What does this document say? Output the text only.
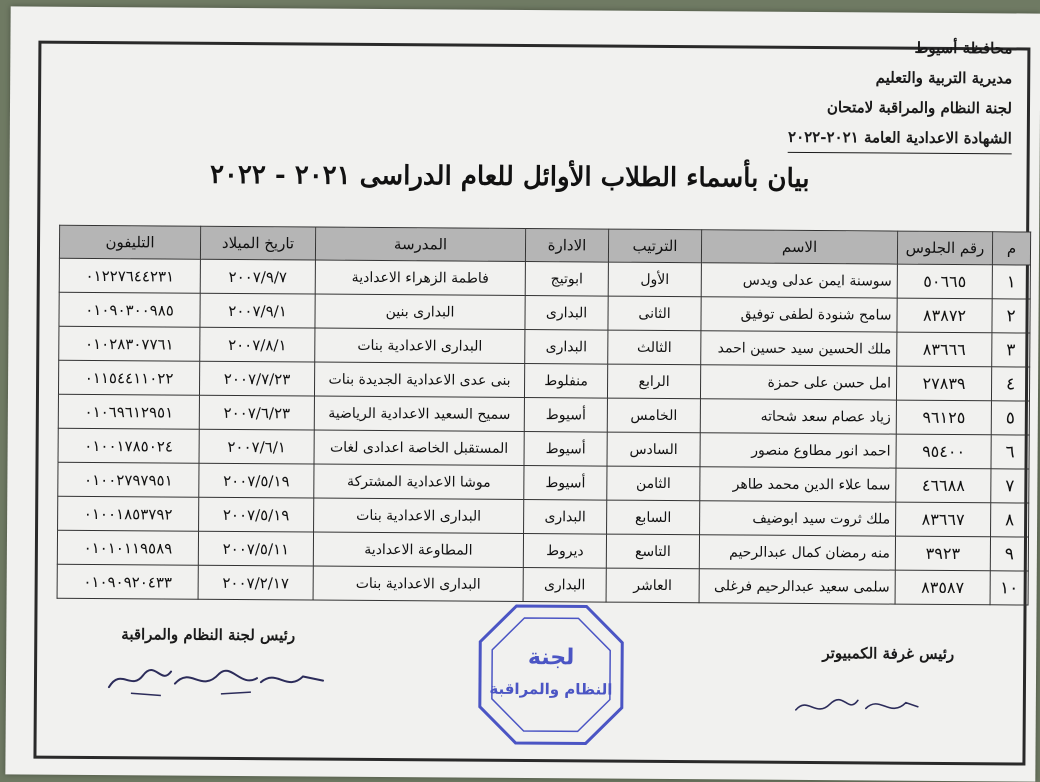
محافظة أسيوط
مديرية التربية والتعليم
لجنة النظام والمراقبة لامتحان
الشهادة الاعدادية العامة ٢٠٢١-٢٠٢٢
بيان بأسماء الطلاب الأوائل للعام الدراسى ٢٠٢١ - ٢٠٢٢
م	رقم الجلوس	الاسم	الترتيب	الادارة	المدرسة	تاريخ الميلاد	التليفون
١	٥٠٦٦٥	سوسنة ايمن عدلى ويدس	الأول	ابوتيج	فاطمة الزهراء الاعدادية	٢٠٠٧/٩/٧	٠١٢٢٧٦٤٤٢٣١
٢	٨٣٨٧٢	سامح شنودة لطفى توفيق	الثانى	البدارى	البدارى بنين	٢٠٠٧/٩/١	٠١٠٩٠٣٠٠٩٨٥
٣	٨٣٦٦٦	ملك الحسين سيد حسين احمد	الثالث	البدارى	البدارى الاعدادية بنات	٢٠٠٧/٨/١	٠١٠٢٨٣٠٧٧٦١
٤	٢٧٨٣٩	امل حسن على حمزة	الرابع	منفلوط	بنى عدى الاعدادية الجديدة بنات	٢٠٠٧/٧/٢٣	٠١١٥٤٤١١٠٢٢
٥	٩٦١٢٥	زياد عصام سعد شحاته	الخامس	أسيوط	سميح السعيد الاعدادية الرياضية	٢٠٠٧/٦/٢٣	٠١٠٦٩٦١٢٩٥١
٦	٩٥٤٠٠	احمد انور مطاوع منصور	السادس	أسيوط	المستقبل الخاصة اعدادى لغات	٢٠٠٧/٦/١	٠١٠٠١٧٨٥٠٢٤
٧	٤٦٦٨٨	سما علاء الدين محمد طاهر	الثامن	أسيوط	موشا الاعدادية المشتركة	٢٠٠٧/٥/١٩	٠١٠٠٢٧٩٧٩٥١
٨	٨٣٦٦٧	ملك ثروت سيد ابوضيف	السابع	البدارى	البدارى الاعدادية بنات	٢٠٠٧/٥/١٩	٠١٠٠١٨٥٣٧٩٢
٩	٣٩٢٣	منه رمضان كمال عبدالرحيم	التاسع	ديروط	المطاوعة الاعدادية	٢٠٠٧/٥/١١	٠١٠١٠١١٩٥٨٩
١٠	٨٣٥٨٧	سلمى سعيد عبدالرحيم فرغلى	العاشر	البدارى	البدارى الاعدادية بنات	٢٠٠٧/٢/١٧	٠١٠٩٠٩٢٠٤٣٣
رئيس لجنة النظام والمراقبة
رئيس غرفة الكمبيوتر
لجنة
النظام والمراقبة
